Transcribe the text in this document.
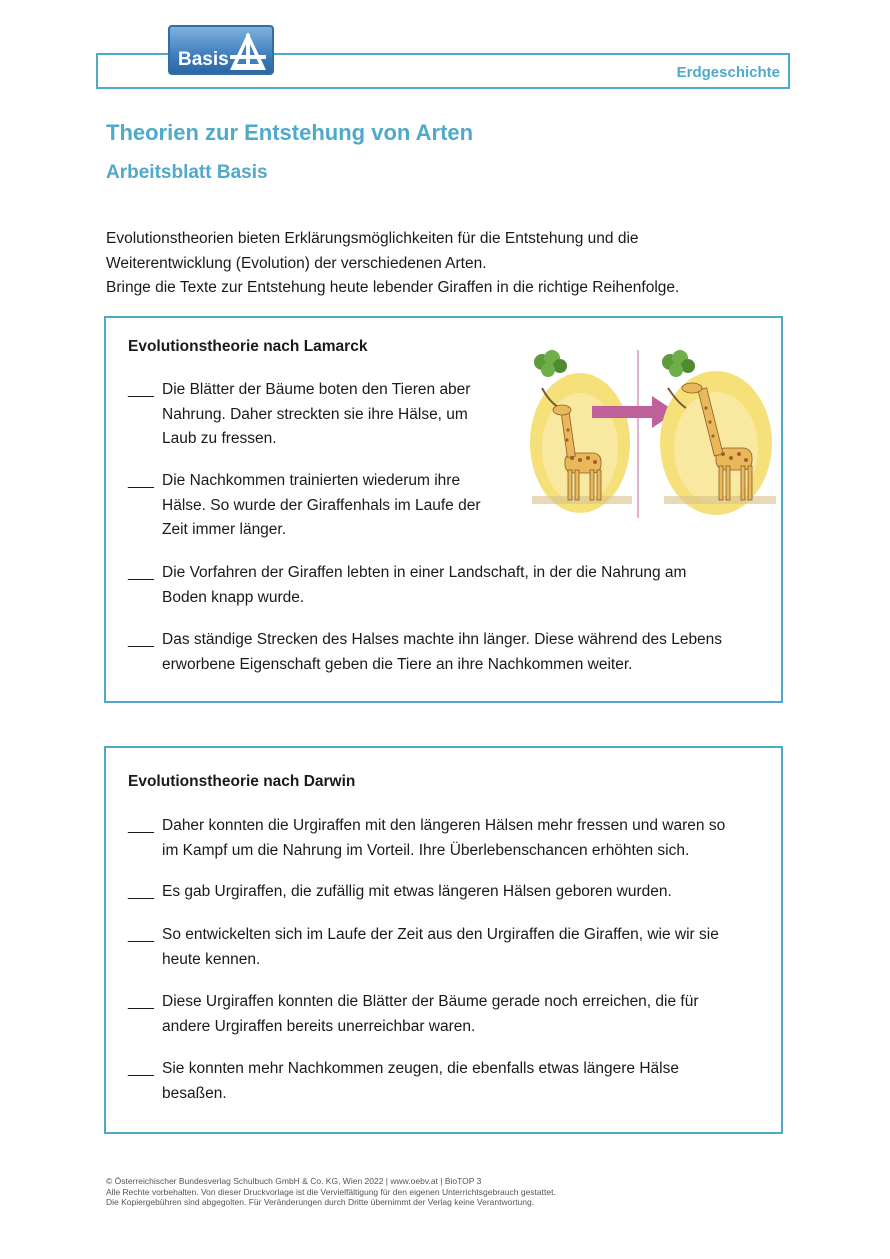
Erdgeschichte
Basis
Theorien zur Entstehung von Arten
Arbeitsblatt Basis

Evolutionstheorien bieten Erklärungsmöglichkeiten für die Entstehung und die

Weiterentwicklung (Evolution) der verschiedenen Arten.

Bringe die Texte zur Entstehung heute lebender Giraffen in die richtige Reihenfolge.

Evolutionstheorie nach Lamarck
___ Die Blätter der Bäume boten den Tieren aber
Nahrung. Daher streckten sie ihre Hälse, um
Laub zu fressen.
___ Die Nachkommen trainierten wiederum ihre
Hälse. So wurde der Giraffenhals im Laufe der
Zeit immer länger.
___ Die Vorfahren der Giraffen lebten in einer Landschaft, in der die Nahrung am
Boden knapp wurde.
___ Das ständige Strecken des Halses machte ihn länger. Diese während des Lebens
erworbene Eigenschaft geben die Tiere an ihre Nachkommen weiter.
Evolutionstheorie nach Darwin
___ Daher konnten die Urgiraffen mit den längeren Hälsen mehr fressen und waren so
im Kampf um die Nahrung im Vorteil. Ihre Überlebenschancen erhöhten sich.
___ Es gab Urgiraffen, die zufällig mit etwas längeren Hälsen geboren wurden.
___ So entwickelten sich im Laufe der Zeit aus den Urgiraffen die Giraffen, wie wir sie
heute kennen.
___ Diese Urgiraffen konnten die Blätter der Bäume gerade noch erreichen, die für
andere Urgiraffen bereits unerreichbar waren.
___ Sie konnten mehr Nachkommen zeugen, die ebenfalls etwas längere Hälse
besaßen.
© Österreichischer Bundesverlag Schulbuch GmbH & Co. KG, Wien 2022 | www.oebv.at | BioTOP 3
Alle Rechte vorbehalten. Von dieser Druckvorlage ist die Vervielfältigung für den eigenen Unterrichtsgebrauch gestattet.
Die Kopiergebühren sind abgegolten. Für Veränderungen durch Dritte übernimmt der Verlag keine Verantwortung.
